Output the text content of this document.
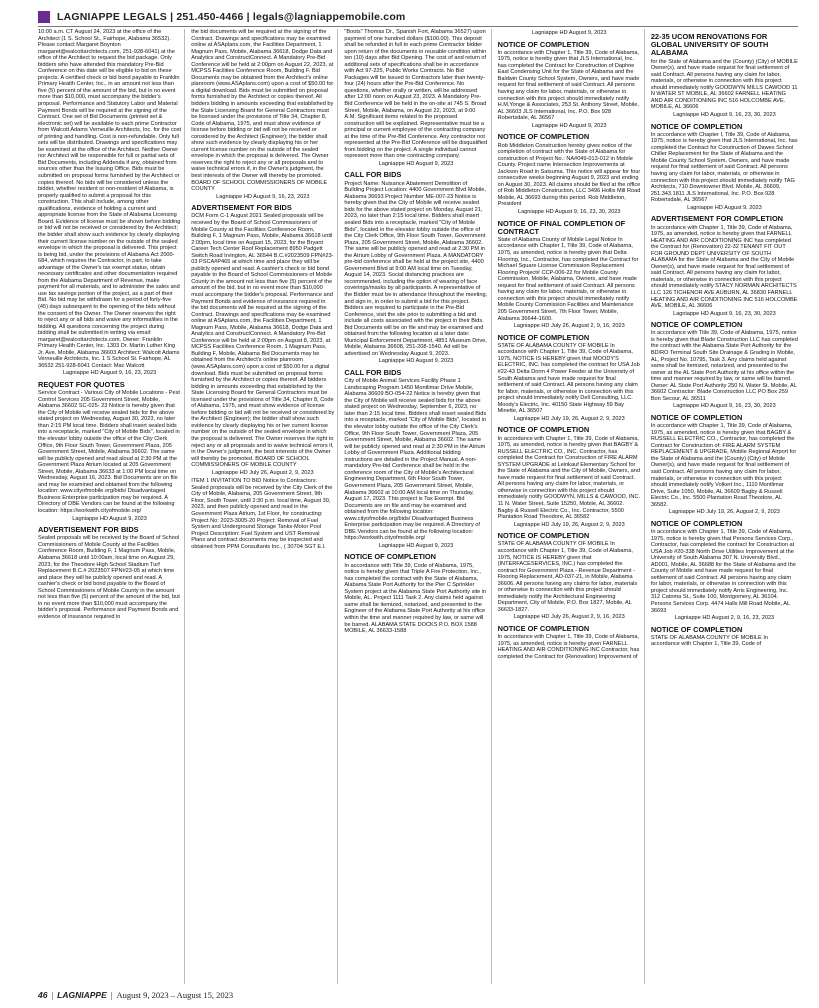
LAGNIAPPE LEGALS | 251.450-4466 | legals@lagniappemobile.com
10:00 a.m. CT August 24, 2023 at the office of the Architect (1 S. School St., Fairhope, Alabama 36532). Please contact Margaret Boynton margaret@walcottarchitects.com, 251-928-6041) at the office of the Architect to request the bid package. Only bidders who have attended this mandatory Pre-Bid Conference on this date will be eligible to bid on these projects. A certified check or bid bond payable to Franklin Primary Health Center, Inc., in an amount not less than five (5) percent of the amount of the bid, but in no event more than $10,000, must accompany the bidder's proposal. Performance and Statutory Labor and Material Payment Bonds will be required at the signing of the Contract. One set of Bid Documents (printed set & electronic set) will be available to each prime Contractor from Walcott Adams Verneuille Architects, Inc. for the cost of printing and handling. Cost is non-refundable. Only full sets will be distributed. Drawings and specifications may be examined at the office of the Architect. Neither Owner nor Architect will be responsible for full or partial sets of Bid Documents, including Addenda if any, obtained from sources other than the Issuing Office. Bids must be submitted on proposal forms furnished by the Architect or copies thereof. No bids will be considered unless the bidder, whether resident or non-resident of Alabama, is properly qualified to submit a proposal for this construction. This shall include, among other qualifications, evidence of holding a current and appropriate license from the State of Alabama Licensing Board. Evidence of license must be shown before bidding or bid will not be received or considered by the Architect; the bidder shall show such evidence by clearly displaying their current license number on the outside of the sealed envelope in which the proposal is delivered. This project is being bid, under the provisions of Alabama Act 2000-684, which requires the Contractor, in part, to take advantage of the Owner's tax exempt status, obtain necessary certificates and other documentation required from the Alabama Department of Revenue, make payment for all materials, and to administer the sales and use tax savings portion of the project, as a part of their Bid. No bid may be withdrawn for a period of forty-five (45) days subsequent to the opening of the bids without the consent of the Owner. The Owner reserves the right to reject any or all bids and waive any informalities in the bidding. All questions concerning the project during bidding shall be submitted in writing via email: margaret@walcottarchitects.com. Owner: Franklin Primary Health Center, Inc. 1303 Dr. Martin Luther King Jr. Ave. Mobile, Alabama 36603 Architect: Walcott Adams Verneuille Architects, Inc. 1 S School St. Fairhope, AL 36532 251-928-6041 Contact: Mac Walcott
Lagniappe HD August 9, 16, 23, 2023
REQUEST FOR QUOTES
Service Contract - Various City of Mobile Locations - Pest Control Services 205 Government Street, Mobile, Alabama 36602 SC-025- 23 Notice is hereby given that the City of Mobile will receive sealed bids for the above stated project on Wednesday, August 30, 2023, no later than 2:15 PM local time. Bidders shall insert sealed bids into a receptacle, marked "City of Mobile Bids", located in the elevator lobby outside the office of the City Clerk Office, 9th Floor South Tower, Government Plaza, 205 Government Street, Mobile, Alabama 36602. The same will be publicly opened and read aloud at 2:30 PM at the Government Plaza Atrium located at 205 Government Street, Mobile, Alabama 36633 at 1:00 PM local time on Wednesday, August 16, 2023. Bid Documents are on file and may be examined and obtained from the following location: www.cityofmobile.org/bids/ Disadvantaged Business Enterprise participation may be required. A Directory of DBE Vendors can be found at the following location: https://workwith.cityofmobile.org/
Lagniappe HD August 9, 2023
ADVERTISEMENT FOR BIDS
Sealed proposals will be received by the Board of School Commissioners of Mobile County at the Facilities Conference Room, Building F, 1 Magnum Pass, Mobile, Alabama 36618 until 10:00am, local time on August 29, 2023, for the Theodore High School Stadium Turf Replacement B.C.# 2023507 FPN#23-05 at which time and place they will be publicly opened and read. A cashier's check or bid bond payable to the Board of School Commissioners of Mobile County in the amount not less than five (5) percent of the amount of the bid, but in no event more than $10,000 must accompany the bidder's proposal. Performance and Payment Bonds and evidence of insurance required in
the bid documents will be required at the signing of the Contract. Drawings and specifications may be examined online at ASAplans.com, the Facilities Department, 1 Magnum Pass, Mobile, Alabama 36618, Dodge Data and Analytics and ConstructConnect. A Mandatory Pre-Bid Conference will be held at 2:00pm on August 22, 2023, at MCPSS Facilities Conference Room, Building F. Bid Documents may be obtained from the Architect's online planroom (www.ASAplans.com) upon a cost of $50.00 for a digital download. Bids must be submitted on proposal forms furnished by the Architect or copies thereof. All bidders bidding in amounts exceeding that established by the State Licensing Board for General Contractors must be licensed under the provisions of Title 34, Chapter 8, Code of Alabama, 1975, and must show evidence of license before bidding or bid will not be received or considered by the Architect (Engineer); the bidder shall show such evidence by clearly displaying his or her current license number on the outside of the sealed envelope in which the proposal is delivered. The Owner reserves the right to reject any or all proposals and to waive technical errors if, in the Owner's judgment, the best interests of the Owner will thereby be promoted. BOARD OF SCHOOL COMMISSIONERS OF MOBILE COUNTY
Lagniappe HD August 9, 16, 23, 2023
ADVERTISEMENT FOR BIDS
DCM Form C-1 August 2021 Sealed proposals will be received by the Board of School Commissioners of Mobile County at the Facilities Conference Room, Building F, 1 Magnum Pass, Mobile, Alabama 36618 until 2:00pm, local time on August 15, 2023, for the Bryant Career Tech Center Roof Replacement 8950 Padgett Switch Road Irvington, AL 36544 B.C.#2023509 FPN#23-03 PSCA#P465 at which time and place they will be publicly opened and read. A cashier's check or bid bond payable to the Board of School Commissioners of Mobile County in the amount not less than five (5) percent of the amount of the bid, but in no event more than $10,000 must accompany the bidder's proposal. Performance and Payment Bonds and evidence of insurance required in the bid documents will be required at the signing of the Contract. Drawings and specifications may be examined online at ASAplans.com, the Facilities Department, 1 Magnum Pass, Mobile, Alabama 36618, Dodge Data and Analytics and ConstructConnect. A Mandatory Pre-Bid Conference will be held at 2:00pm on August 8, 2023, at MCPSS Facilities Conference Room, 1 Magnum Pass, Building F, Mobile, Alabama Bid Documents may be obtained from the Architect's online planroom (www.ASAplans.com) upon a cost of $50.00 for a digital download. Bids must be submitted on proposal forms furnished by the Architect or copies thereof. All bidders bidding in amounts exceeding that established by the State Licensing Board for General Contractors must be licensed under the provisions of Title 34, Chapter 8, Code of Alabama, 1975, and must show evidence of license before bidding or bid will not be received or considered by the Architect (Engineer); the bidder shall show such evidence by clearly displaying his or her current license number on the outside of the sealed envelope in which the proposal is delivered. The Owner reserves the right to reject any or all proposals and to waive technical errors if, in the Owner's judgment, the best interests of the Owner will thereby be promoted. BOARD OF SCHOOL COMMISSIONERS OF MOBILE COUNTY
Lagniappe HD July 26, August 2, 9, 2023
ITEM 1 INVITATION TO BID Notice to Contractors: Sealed proposals will be received by the City Clerk of the City of Mobile, Alabama, 205 Government Street, 9th Floor, South Tower, until 2:30 p.m. local time, August 30, 2023, and then publicly opened and read in the Government Plaza Atrium, 1st Floor, for constructing: Project No: 2023-3005-20 Project: Removal of Fuel System and Underground Storage Tanks-Motor Pool Project Description: Fuel System and UST Removal Plans and contract documents may be inspected and obtained from PPM Consultants Inc., ( 30704 SGT E.I.
"Boots" Thomas Dr., Spanish Fort, Alabama 36527) upon payment of one hundred dollars ($100.00). This deposit shall be refunded in full to each prime Contractor bidder upon return of the documents in reusable condition within ten (10) days after Bid Opening. The cost of and return of additional sets of specifications shall be in accordance with Act 97-225, Public Works Contracts. No Bid Packages will be issued to Contractors later than twenty-four (24) hours after the Pre-Bid Conference. No questions, whether orally or written, will be addressed after 12:00 noon on August 23, 2023. A Mandatory Pre-Bid Conference will be held in the on-site at 745 S. Broad Street, Mobile, Alabama, on August 22, 2023, at 9:00 A.M. Significant items related to the proposed construction will be explained. Representative must be a principal or current employee of the contracting company at the time of the Pre-Bid Conference. Any contractor not represented at the Pre-Bid Conference will be disqualified from bidding on the project. A single individual cannot represent more than one contracting company.
Lagniappe HD August 9, 2023
CALL FOR BIDS
Project Name: Nuisance Abatement Demolition of Building Project Location: 4400 Government Blvd Mobile, Alabama 36693 Project Number ME-007-23 Notice is hereby given that the City of Mobile will receive sealed bids for the above stated project on Monday, August 21, 2023, no later than 2:15 local time. Bidders shall insert sealed Bids into a receptacle, marked "City of Mobile Bids", located in the elevator lobby outside the office of the City Clerk Office, 9th Floor South Tower, Government Plaza, 205 Government Street, Mobile, Alabama 36602. The same will be publicly opened and read at 2:30 PM in the Atrium Lobby of Government Plaza. A MANDATORY pre-bid conference shall be held at the project site, 4400 Government Blvd at 9:00 AM local time on Tuesday, August 14, 2023. Social distancing practices are recommended, including the option of wearing of face coverings/masks by all participants. A representative of the Bidder must be in attendance throughout the meeting, and sign in, in order to submit a bid for this project. Bidders are required to participate in the Pre-Bid Conference, visit the site prior to submitting a bid and include all costs associated with the project in their Bids. Bid Documents will be on file and may be examined and obtained from the following location at a later date: Municipal Enforcement Department, 4851 Museum Drive, Mobile, Alabama 36608, 251-208-1540. Ad will be advertised on Wednesday August 9, 2023.
Lagniappe HD August 9, 2023
CALL FOR BIDS
City of Mobile Animal Services Facility Phase 1 Landscaping Program 1450 Montlimar Drive Mobile, Alabama 36609 BO-054-22 Notice is hereby given that the City of Mobile will receive sealed bids for the above stated project on Wednesday, September 6, 2023, no later than 2:15 local time. Bidders shall insert sealed Bids into a receptacle, marked "City of Mobile Bids", located in the elevator lobby outside the office of the City Clerk's Office, 9th Floor South Tower, Government Plaza, 205 Government Street, Mobile, Alabama 36602. The same will be publicly opened and read at 2:30 PM in the Atrium Lobby of Government Plaza. Additional bidding instructions are detailed in the Project Manual. A non-mandatory Pre-bid Conference shall be held in the conference room of the City of Mobile's Architectural Engineering Department, 6th Floor South Tower, Government Plaza, 205 Government Street, Mobile, Alabama 36602 at 10:00 AM local time on Thursday, August 17, 2023. This project is Tax Exempt. Bid Documents are on file and may be examined and obtained from the following location: www.cityofmobile.org/bids/ Disadvantaged Business Enterprise participation may be required. A Directory of DBE Vendors can be found at the following location: https://workwith.cityofmobile.org/
Lagniappe HD August 9, 2023
NOTICE OF COMPLETION
In accordance with Title 39, Code of Alabama, 1975, notice is hereby given that Triple A Fire Protection, Inc., has completed the contract with the State of Alabama, Alabama State Port Authority for the Pier C Sprinkler System project at the Alabama State Port Authority site in Mobile, AL. Project 1111 Task 2. Any claims held against same shall be itemized, notarized, and presented to the Engineer of the Alabama State Port Authority at his office within the time and manner required by law, or same will be barred. ALABAMA STATE DOCKS P.O. BOX 1588 MOBILE, AL 36633-1588
Lagniappe HD August 9, 2023
NOTICE OF COMPLETION
In accordance with Chapter 1, Title 39, Code of Alabama, 1975, notice is hereby given that JLS International, Inc. has completed the Contract for Construction of Daphne East Condensing Unit for the State of Alabama and the Baldwin County School System, Owners, and have made request for final settlement of said Contract. All persons having any claim for labor, materials, or otherwise in connection with this project should immediately notify H.M.Yonge & Associates, 253 St. Anthony Street, Mobile, AL 36603 JLS International, Inc. P.O. Box 928 Robertsdale, AL 36567
Lagniappe HD August 9, 2023
NOTICE OF COMPLETION
Rob Middleton Construction hereby gives notice of the completion of contract with the State of Alabama for construction of Project No.: NA#049-013-012 in Mobile County. Project name Intersection Improvements at Jackson Road in Satsuma. This notice will appear for four consecutive weeks beginning August 9, 2023 and ending on August 30, 2023. All claims should be filed at the office of Rob Middleton Construction, LLC 3496 Hollis Mill Road Mobile, AL 36693 during this period. Rob Middleton, President
Lagniappe HD August 9, 16, 23, 30, 2023
NOTICE OF FINAL COMPLETION OF CONTRACT
State of Alabama County of Mobile Legal Notice In accordance with Chapter 1, Title 39, Code of Alabama, 1975, as amended, notice is hereby given that Delta Flooring, Inc., Contractor, has completed the Contract for Michael Square License Commission Replacement Flooring Project# CCP-006-22 for Mobile County Commission, Mobile, Alabama, Owners, and have made request for final settlement of said Contract. All persons having any claim for labor, materials, or otherwise in connection with this project should immediately notify Mobile County Commission Facilities and Maintenance 205 Government Street, 7th Floor Tower, Mobile, Alabama 36644-1600.
Lagniappe HD July 26, August 2, 9, 16, 2023
NOTICE OF COMPLETION
STATE OF ALABAMA COUNTY OF MOBILE In accordance with Chapter 1, Title 39, Code of Alabama, 1975, NOTICE IS HEREBY given that MOODY'S ELECTRIC, INC. has completed the contract for USA Job #22-43 Delta Dorm 4 Power Feeder at the University of South Alabama and have made request for final settlement of said Contract. All persons having any claim for labor, materials, or otherwise in connection with this project should immediately notify Dell Consulting, LLC. Moody's Electric, Inc. 40150 State Highway 59 Bay Minette, AL 36507
Lagniappe HD July 19, 26, August 2, 9, 2023
NOTICE OF COMPLETION
In accordance with Chapter 1, Title 39, Code of Alabama, 1975, as amended, notice is hereby given that BAGBY & RUSSELL ELECTRIC CO., INC. Contractor, has completed the Contract for Construction of FIRE ALARM SYSTEM UPGRADE at Leinkauf Elementary School for the State of Alabama and the City of Mobile, Owners, and have made request for final settlement of said Contract. All persons having any claim for labor, materials, or otherwise in connection with this project should immediately notify GOODWYN, MILLS & CAWOOD, INC. 11 N. Water Street, Suite 15250, Mobile, AL 36602. Bagby & Russell Electric Co., Inc. Contractor, 5500 Plantation Road Theodore, AL 36582
Lagniappe HD July 19, 26, August 2, 9, 2023
NOTICE OF COMPLETION
STATE OF ALABAMA COUNTY OF MOBILE In accordance with Chapter 1, Title 39, Code of Alabama, 1975, NOTICE IS HEREBY given that (INTERFACESERVICES, INC.) has completed the contract for Government Plaza - Revenue Department - Flooring Replacement, AD-037-21, in Mobile, Alabama 36606. All persons having any claims for labor, materials or otherwise in connection with this project should immediately notify the Architectural Engineering Department, City of Mobile, P.O. Box 1827, Mobile, AL 36633-1827.
Lagniappe HD July 26, August 2, 9, 16, 2023
NOTICE OF COMPLETION
In accordance with Chapter 1, Title 39, Code of Alabama, 1975, as amended, notice is hereby given FARNELL HEATING AND AIR CONDITIONING INC Contractor, has completed the Contract for (Renovation) Improvement of
22-35 UCOM RENOVATIONS FOR GLOBAL UNIVERSITY OF SOUTH ALABAMA
for the State of Alabama and the (County) (City) of MOBILE Owner(s), and have made request for final settlement of said Contract. All persons having any claim for labor, materials, or otherwise in connection with this project should immediately notify GOODWYN MILLS CAWOOD 11 N WATER ST MOBILE, AL 36602 FARNELL HEATING AND AIR CONDITIONING INC 516 HOLCOMBE AVE. MOBILE, AL 36606
Lagniappe HD August 9, 16, 23, 30, 2023
NOTICE OF COMPLETION
In accordance with Chapter I, Title 39, Code of Alabama, 1975, notice is hereby given that JLS International, Inc. has completed the Contract for Construction of Dawes School Chiller Replacement for the State of Alabama and the Mobile County School System, Owners, and have made request for final settlement of said Contract. All persons having any claim for labor, materials, or otherwise in connection with this project should immediately notify TAG Architects, 710 Downtowner Blvd. Mobile, AL 36609, 251.343.1811 JLS International, Inc. P.O. Box 928 Robertsdale, AL 36567
Lagniappe HD August 9, 2023
ADVERTISEMENT FOR COMPLETION
In accordance with Chapter 1, Title 39, Code of Alabama, 1975, as amended, notice is hereby given that FARNELL HEATING AND AIR CONDITIONING INC has completed the Contract for (Renovation) 22-32 TENANT FIT OUT FOR GROUND DEPT UNIVERSITY OF SOUTH ALABAMA for the State of Alabama and the City of Mobile Owner(s), and have made request for final settlement of said Contract. All persons having any claim for labor, materials, or otherwise in connection with this project should immediately notify STACY NORMAN ARCHITECTS LLC 126 TICHENOR AVE AUBURN, AL 36830 FARNELL HEATING AND AIR CONDITIONING INC 516 HOLCOMBE AVE. MOBILE, AL 36606
Lagniappe HD August 9, 16, 23, 30, 2023
NOTICE OF COMPLETION
In accordance with Title 39, Code of Alabama, 1975, notice is hereby given that Blade Construction LLC has completed the contract with the Alabama State Port Authority for the BD/RO Terminal South Site Drainage & Grading in Mobile, AL, Project No. 10795, Task 3. Any claims held against same shall be itemized, notarized, and presented to the owner at the AL State Port Authority at his office within the time and manner required by law, or same will be barred. Owner: AL State Port Authority 250 N. Water St. Mobile, AL 36602 Contractor: Blade Construction LLC PO Box 259 Bon Secour, AL 36511
Lagniappe HD August 9, 16, 23, 30, 2023
NOTICE OF COMPLETION
In accordance with Chapter 1, Title 39, Code of Alabama, 1975, as amended, notice is hereby given that BAGBY & RUSSELL ELECTRIC CO., Contractor, has completed the Contract for Construction of: FIRE ALARM SYSTEM REPLACEMENT & UPGRADE, Mobile Regional Airport for the State of Alabama and the (County) (City) of Mobile Owner(s), and have made request for final settlement of said Contract. All persons having any claim for labor, materials, or otherwise in connection with this project should immediately notify Volkert Inc., 1110 Montlimar Drive, Suite 1050, Mobile, AL 36609 Bagby & Russell Electric Co., Inc. 5500 Plantation Road Theodore, AL 36582.
Lagniappe HD July 19, 26, August 2, 9, 2023
NOTICE OF COMPLETION
In accordance with Chapter 1, Title 39, Code of Alabama, 1975, notice is hereby given that Persons Services Corp., Contractor, has completed the contract for Construction at USA Job #20-338 North Drive Utilities Improvement at the University of South Alabama 307 N. University Blvd., AD001, Mobile, AL 36688 for the State of Alabama and the County of Mobile and have made request for final settlement of said Contract. All persons having any claim for labor, materials, or otherwise in connection with this project should immediately notify Arris Engineering, Inc. 312 Catoma St., Suite 100, Montgomery, AL 36104. Persons Services Corp. 4474 Halls Mill Road Mobile, AL 36693
Lagniappe HD August 2, 9, 16, 23, 2023
NOTICE OF COMPLETION
STATE OF ALABAMA COUNTY OF MOBILE In accordance with Chapter 1, Title 39, Code of
46 | LAGNIAPPE | August 9, 2023 – August 15, 2023
